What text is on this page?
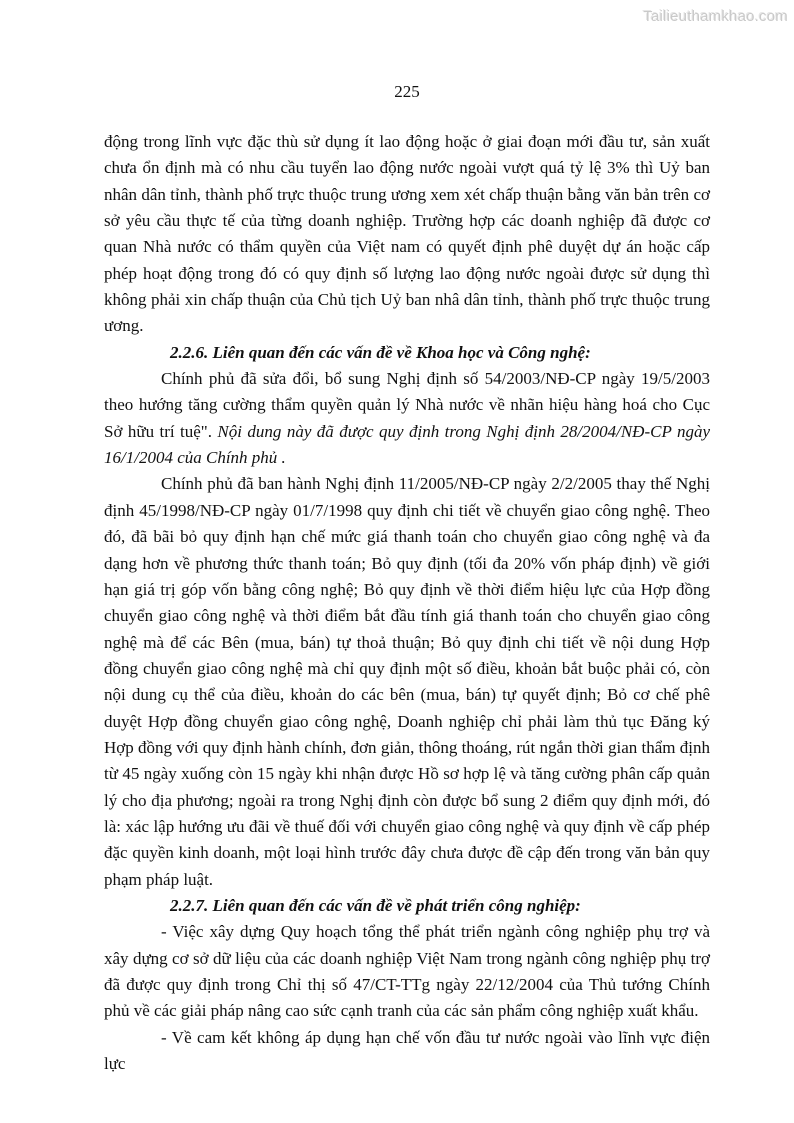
Tailieuthamkhao.com
225

động trong lĩnh vực đặc thù sử dụng ít lao động hoặc ở giai đoạn mới đầu tư, sản xuất chưa ổn định mà có nhu cầu tuyển lao động nước ngoài vượt quá tỷ lệ 3% thì Uỷ ban nhân dân tỉnh, thành phố trực thuộc trung ương xem xét chấp thuận bằng văn bản trên cơ sở yêu cầu thực tế của từng doanh nghiệp. Trường hợp các doanh nghiệp đã được cơ quan Nhà nước có thẩm quyền của Việt nam có quyết định phê duyệt dự án hoặc cấp phép hoạt động trong đó có quy định số lượng lao động nước ngoài được sử dụng thì không phải xin chấp thuận của Chủ tịch Uỷ ban nhâ dân tỉnh, thành phố trực thuộc trung ương.

2.2.6. Liên quan đến các vấn đề về Khoa học và Công nghệ:

Chính phủ đã sửa đổi, bổ sung Nghị định số 54/2003/NĐ-CP ngày 19/5/2003 theo hướng tăng cường thẩm quyền quản lý Nhà nước về nhãn hiệu hàng hoá cho Cục Sở hữu trí tuệ". Nội dung này đã được quy định trong Nghị định 28/2004/NĐ-CP ngày 16/1/2004 của Chính phủ .

Chính phủ đã ban hành Nghị định 11/2005/NĐ-CP ngày 2/2/2005 thay thế Nghị định 45/1998/NĐ-CP ngày 01/7/1998 quy định chi tiết về chuyển giao công nghệ. Theo đó, đã bãi bỏ quy định hạn chế mức giá thanh toán cho chuyển giao công nghệ và đa dạng hơn về phương thức thanh toán; Bỏ quy định (tối đa 20% vốn pháp định) về giới hạn giá trị góp vốn bằng công nghệ; Bỏ quy định về thời điểm hiệu lực của Hợp đồng chuyển giao công nghệ và thời điểm bắt đầu tính giá thanh toán cho chuyển giao công nghệ mà để các Bên (mua, bán) tự thoả thuận; Bỏ quy định chi tiết về nội dung Hợp đồng chuyển giao công nghệ mà chỉ quy định một số điều, khoản bắt buộc phải có, còn nội dung cụ thể của điều, khoản do các bên (mua, bán) tự quyết định; Bỏ cơ chế phê duyệt Hợp đồng chuyển giao công nghệ, Doanh nghiệp chỉ phải làm thủ tục Đăng ký Hợp đồng với quy định hành chính, đơn giản, thông thoáng, rút ngắn thời gian thẩm định từ 45 ngày xuống còn 15 ngày khi nhận được Hồ sơ hợp lệ và tăng cường phân cấp quản lý cho địa phương; ngoài ra trong Nghị định còn được bổ sung 2 điểm quy định mới, đó là: xác lập hướng ưu đãi về thuế đối với chuyển giao công nghệ và quy định về cấp phép đặc quyền kinh doanh, một loại hình trước đây chưa được đề cập đến trong văn bản quy phạm pháp luật.

2.2.7. Liên quan đến các vấn đề về phát triển công nghiệp:

- Việc xây dựng Quy hoạch tổng thể phát triển ngành công nghiệp phụ trợ và xây dựng cơ sở dữ liệu của các doanh nghiệp Việt Nam trong ngành công nghiệp phụ trợ đã được quy định trong Chỉ thị số 47/CT-TTg ngày 22/12/2004 của Thủ tướng Chính phủ về các giải pháp nâng cao sức cạnh tranh của các sản phẩm công nghiệp xuất khẩu.

- Về cam kết không áp dụng hạn chế vốn đầu tư nước ngoài vào lĩnh vực điện lực
